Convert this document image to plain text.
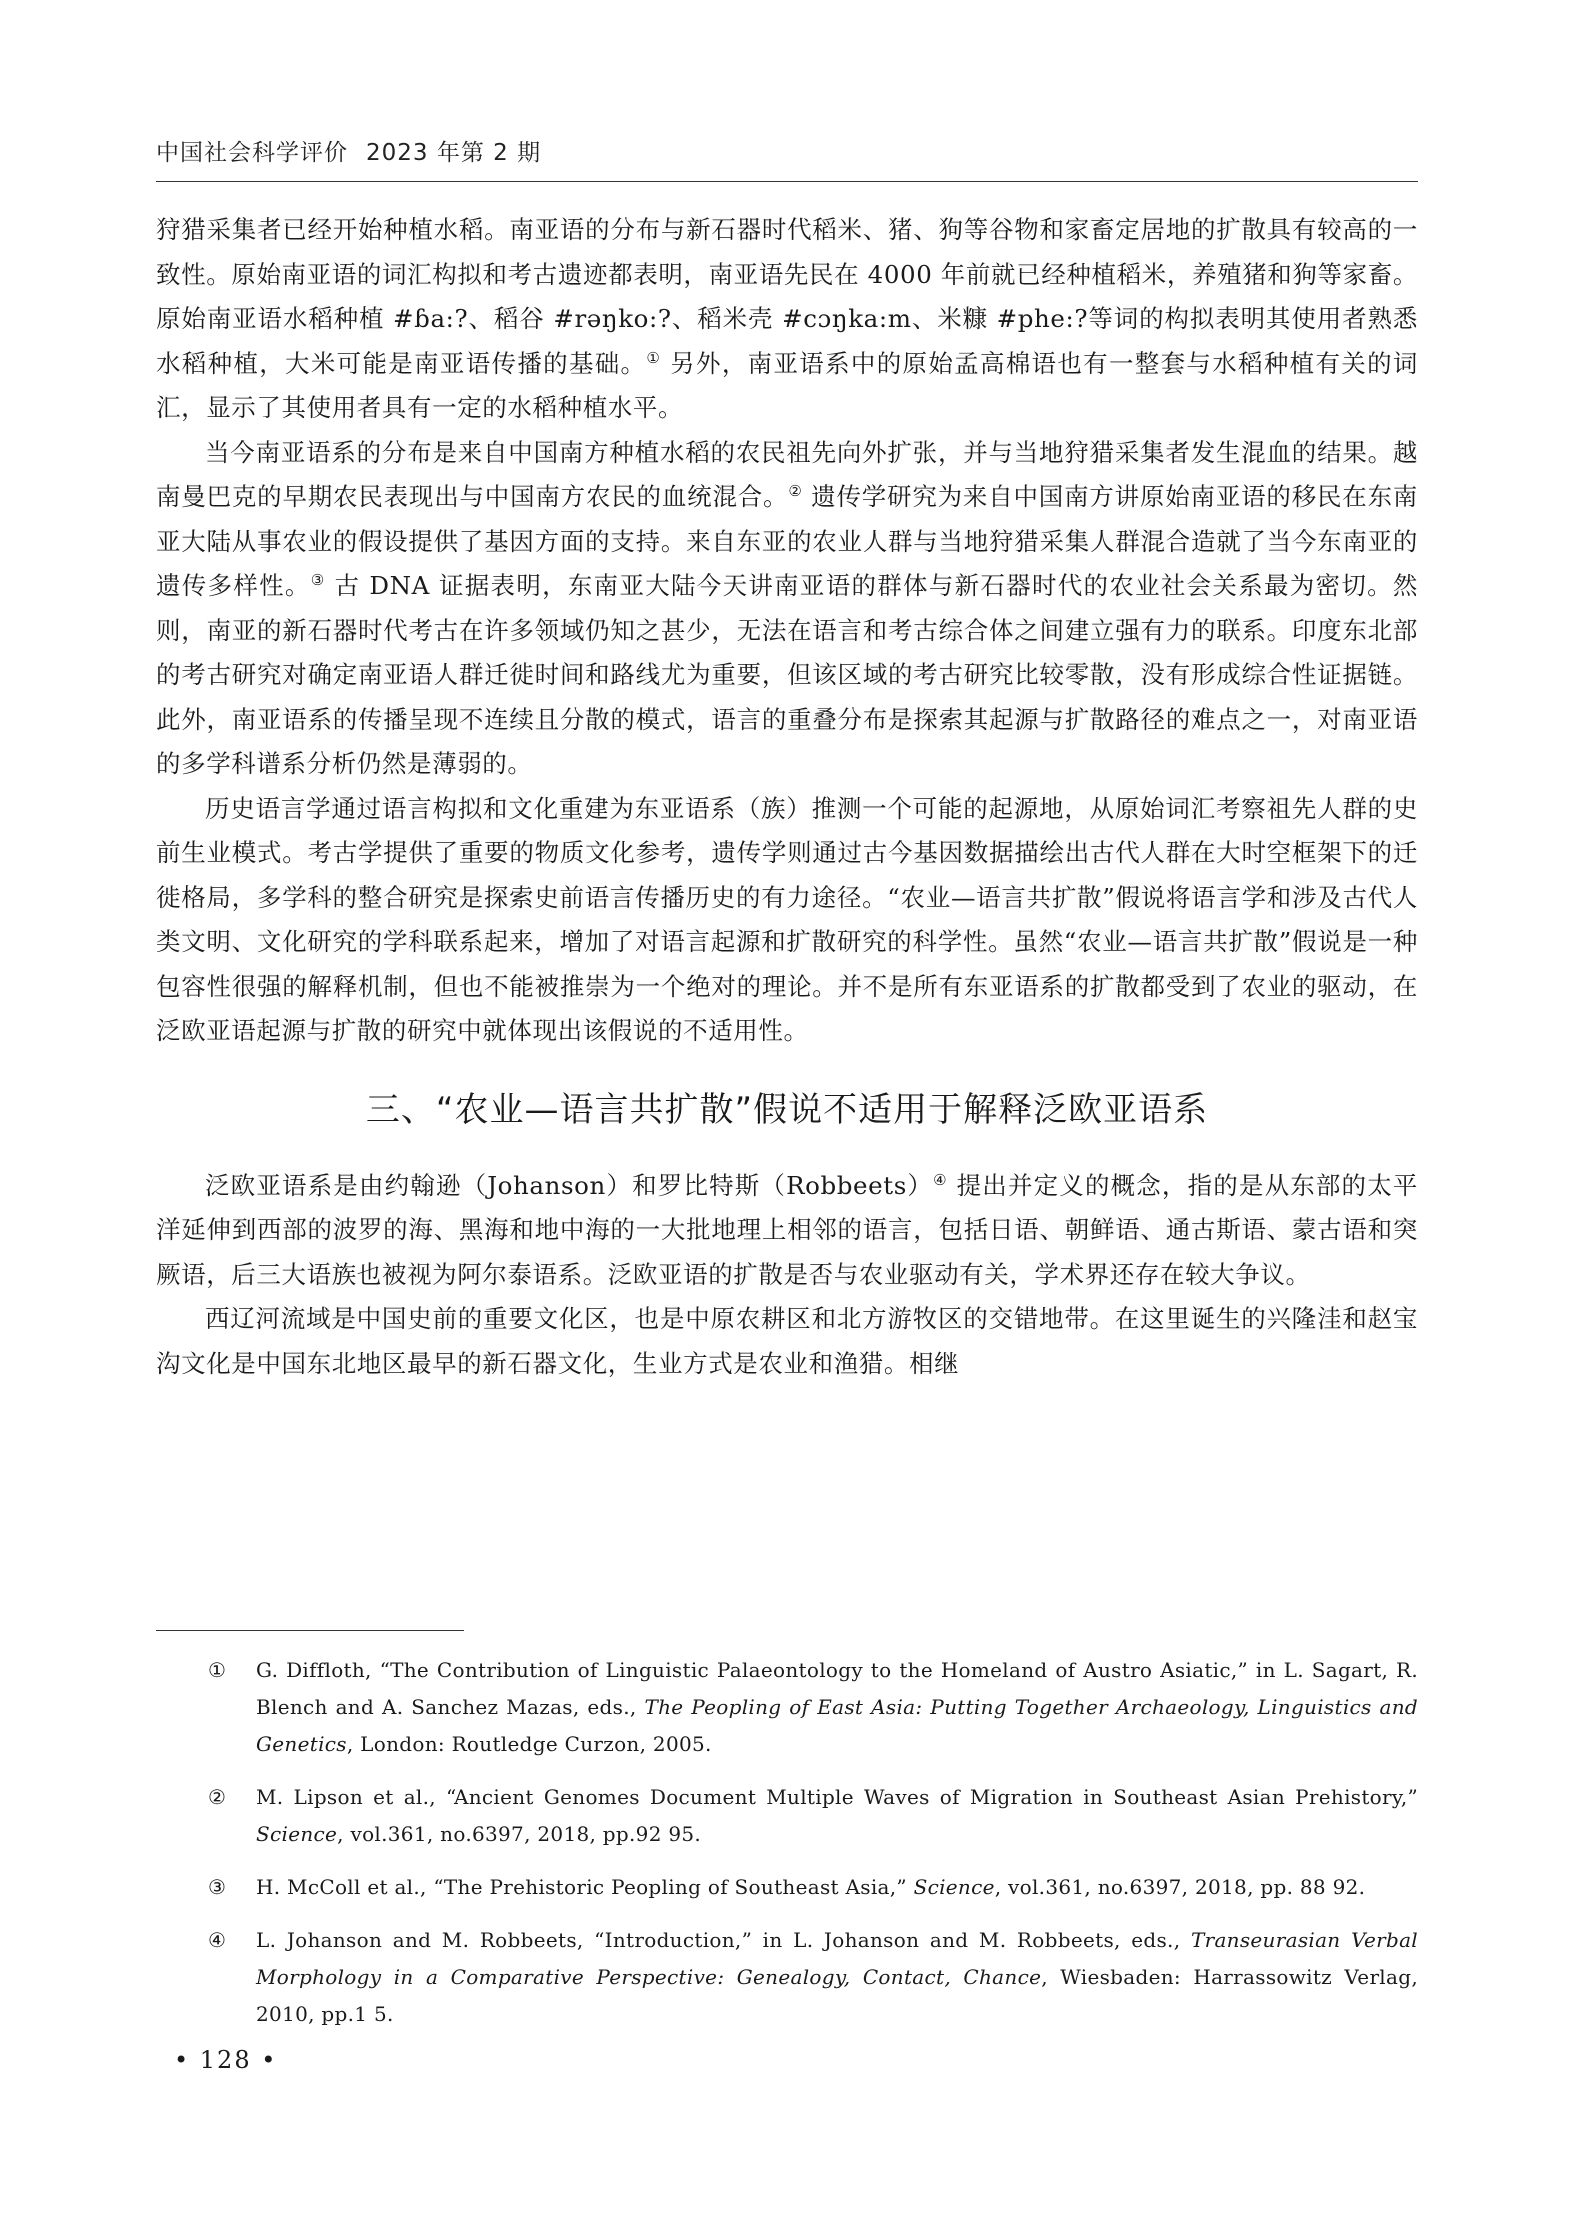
中国社会科学评价 2023 年第 2 期

狩猎采集者已经开始种植水稻。南亚语的分布与新石器时代稻米、猪、狗等谷物和家畜定居地的扩散具有较高的一致性。原始南亚语的词汇构拟和考古遗迹都表明，南亚语先民在 4000 年前就已经种植稻米，养殖猪和狗等家畜。原始南亚语水稻种植 #ɓa:?、稻谷 #rəŋko:?、稻米壳 #cɔŋka:m、米糠 #phe:?等词的构拟表明其使用者熟悉水稻种植，大米可能是南亚语传播的基础。① 另外，南亚语系中的原始孟高棉语也有一整套与水稻种植有关的词汇，显示了其使用者具有一定的水稻种植水平。

当今南亚语系的分布是来自中国南方种植水稻的农民祖先向外扩张，并与当地狩猎采集者发生混血的结果。越南曼巴克的早期农民表现出与中国南方农民的血统混合。② 遗传学研究为来自中国南方讲原始南亚语的移民在东南亚大陆从事农业的假设提供了基因方面的支持。来自东亚的农业人群与当地狩猎采集人群混合造就了当今东南亚的遗传多样性。③ 古 DNA 证据表明，东南亚大陆今天讲南亚语的群体与新石器时代的农业社会关系最为密切。然则，南亚的新石器时代考古在许多领域仍知之甚少，无法在语言和考古综合体之间建立强有力的联系。印度东北部的考古研究对确定南亚语人群迁徙时间和路线尤为重要，但该区域的考古研究比较零散，没有形成综合性证据链。此外，南亚语系的传播呈现不连续且分散的模式，语言的重叠分布是探索其起源与扩散路径的难点之一，对南亚语的多学科谱系分析仍然是薄弱的。

历史语言学通过语言构拟和文化重建为东亚语系（族）推测一个可能的起源地，从原始词汇考察祖先人群的史前生业模式。考古学提供了重要的物质文化参考，遗传学则通过古今基因数据描绘出古代人群在大时空框架下的迁徙格局，多学科的整合研究是探索史前语言传播历史的有力途径。“农业—语言共扩散”假说将语言学和涉及古代人类文明、文化研究的学科联系起来，增加了对语言起源和扩散研究的科学性。虽然“农业—语言共扩散”假说是一种包容性很强的解释机制，但也不能被推崇为一个绝对的理论。并不是所有东亚语系的扩散都受到了农业的驱动，在泛欧亚语起源与扩散的研究中就体现出该假说的不适用性。

三、“农业—语言共扩散”假说不适用于解释泛欧亚语系

泛欧亚语系是由约翰逊（Johanson）和罗比特斯（Robbeets）④ 提出并定义的概念，指的是从东部的太平洋延伸到西部的波罗的海、黑海和地中海的一大批地理上相邻的语言，包括日语、朝鲜语、通古斯语、蒙古语和突厥语，后三大语族也被视为阿尔泰语系。泛欧亚语的扩散是否与农业驱动有关，学术界还存在较大争议。

西辽河流域是中国史前的重要文化区，也是中原农耕区和北方游牧区的交错地带。在这里诞生的兴隆洼和赵宝沟文化是中国东北地区最早的新石器文化，生业方式是农业和渔猎。相继

① G. Diffloth, “The Contribution of Linguistic Palaeontology to the Homeland of Austro Asiatic,” in L. Sagart, R. Blench and A. Sanchez Mazas, eds., The Peopling of East Asia: Putting Together Archaeology, Linguistics and Genetics, London: Routledge Curzon, 2005.
② M. Lipson et al., “Ancient Genomes Document Multiple Waves of Migration in Southeast Asian Prehistory,” Science, vol.361, no.6397, 2018, pp.92 95.
③ H. McColl et al., “The Prehistoric Peopling of Southeast Asia,” Science, vol.361, no.6397, 2018, pp. 88 92.
④ L. Johanson and M. Robbeets, “Introduction,” in L. Johanson and M. Robbeets, eds., Transeurasian Verbal Morphology in a Comparative Perspective: Genealogy, Contact, Chance, Wiesbaden: Harrassowitz Verlag, 2010, pp.1 5.
• 128 •
